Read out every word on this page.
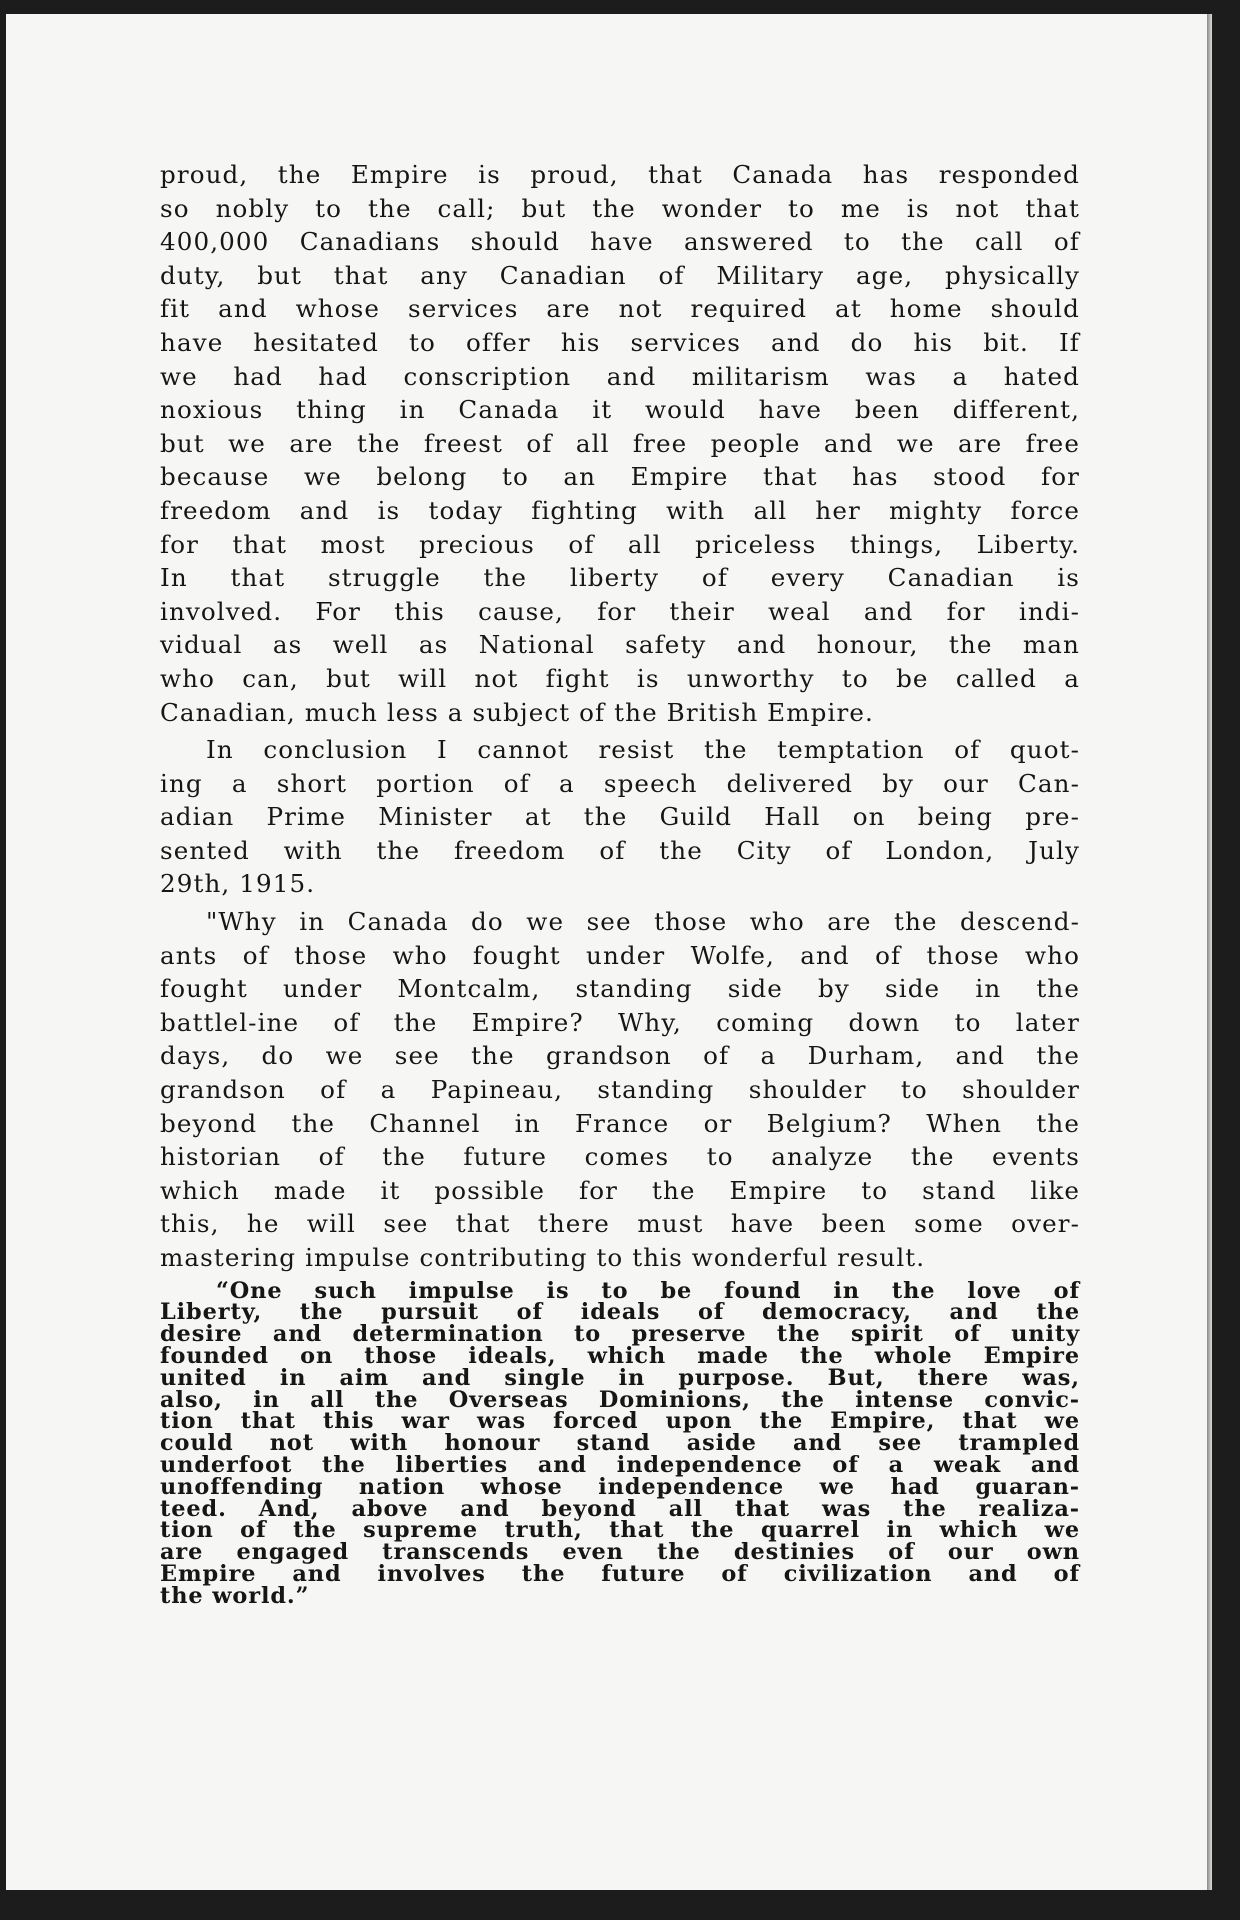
proud, the Empire is proud, that Canada has responded
so nobly to the call; but the wonder to me is not that
400,000 Canadians should have answered to the call of
duty, but that any Canadian of Military age, physically
fit and whose services are not required at home should
have hesitated to offer his services and do his bit. If
we had had conscription and militarism was a hated
noxious thing in Canada it would have been different,
but we are the freest of all free people and we are free
because we belong to an Empire that has stood for
freedom and is today fighting with all her mighty force
for that most precious of all priceless things, Liberty.
In that struggle the liberty of every Canadian is
involved. For this cause, for their weal and for indi-
vidual as well as National safety and honour, the man
who can, but will not fight is unworthy to be called a
Canadian, much less a subject of the British Empire.

In conclusion I cannot resist the temptation of quot-
ing a short portion of a speech delivered by our Can-
adian Prime Minister at the Guild Hall on being pre-
sented with the freedom of the City of London, July
29th, 1915.

"Why in Canada do we see those who are the descend-
ants of those who fought under Wolfe, and of those who
fought under Montcalm, standing side by side in the
battlel-ine of the Empire? Why, coming down to later
days, do we see the grandson of a Durham, and the
grandson of a Papineau, standing shoulder to shoulder
beyond the Channel in France or Belgium? When the
historian of the future comes to analyze the events
which made it possible for the Empire to stand like
this, he will see that there must have been some over-
mastering impulse contributing to this wonderful result.

“One such impulse is to be found in the love of
Liberty, the pursuit of ideals of democracy, and the
desire and determination to preserve the spirit of unity
founded on those ideals, which made the whole Empire
united in aim and single in purpose. But, there was,
also, in all the Overseas Dominions, the intense convic-
tion that this war was forced upon the Empire, that we
could not with honour stand aside and see trampled
underfoot the liberties and independence of a weak and
unoffending nation whose independence we had guaran-
teed. And, above and beyond all that was the realiza-
tion of the supreme truth, that the quarrel in which we
are engaged transcends even the destinies of our own
Empire and involves the future of civilization and of
the world.”
